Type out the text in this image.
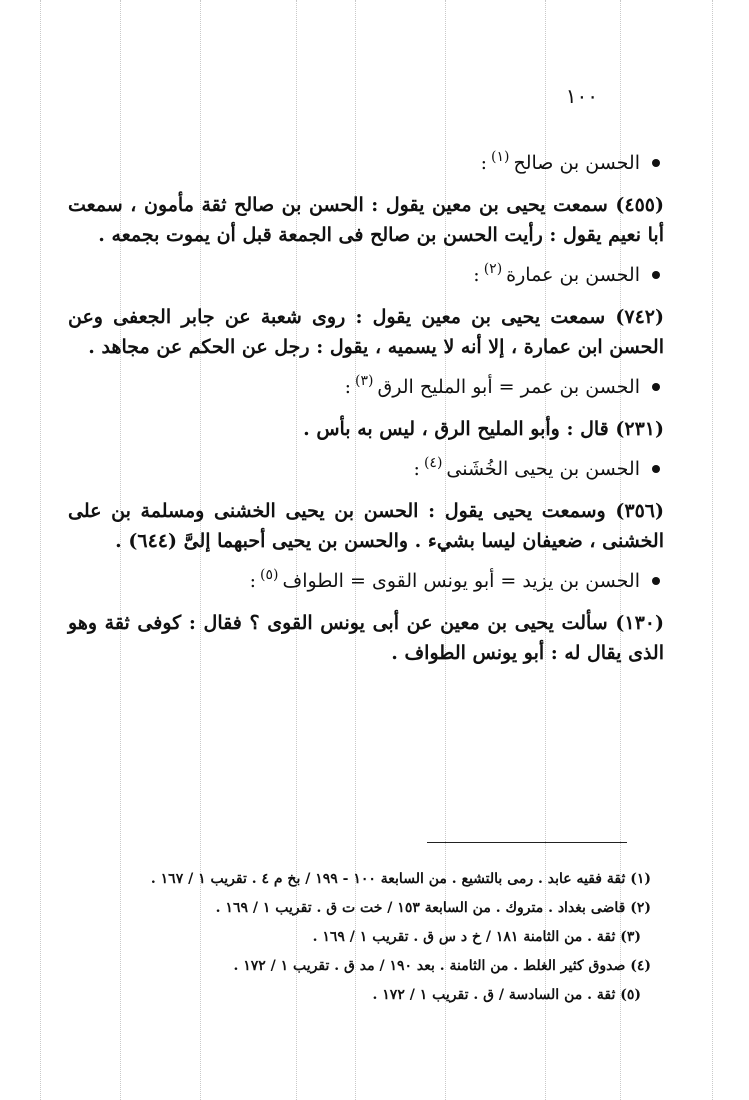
١٠٠
الحسن بن صالح
(١)
:

(٤٥٥) سمعت يحيى بن معين يقول : الحسن بن صالح ثقة مأمون ، سمعت أبا نعيم يقول : رأيت الحسن بن صالح فى الجمعة قبل أن يموت بجمعه .

الحسن بن عمارة
(٢)
:

(٧٤٢) سمعت يحيى بن معين يقول : روى شعبة عن جابر الجعفى وعن الحسن ابن عمارة ، إلا أنه لا يسميه ، يقول : رجل عن الحكم عن مجاهد .

الحسن بن عمر = أبو المليح الرق
(٣)
:

(٢٣١) قال : وأبو المليح الرق ، ليس به بأس .

الحسن بن يحيى الخُشَنى
(٤)
:

(٣٥٦) وسمعت يحيى يقول : الحسن بن يحيى الخشنى ومسلمة بن على الخشنى ، ضعيفان ليسا بشيء . والحسن بن يحيى أحبهما إلىَّ (٦٤٤) .

الحسن بن يزيد = أبو يونس القوى = الطواف
(٥)
:

(١٣٠) سألت يحيى بن معين عن أبى يونس القوى ؟ فقال : كوفى ثقة وهو الذى يقال له : أبو يونس الطواف .

(١) ثقة فقيه عابد . رمى بالتشيع . من السابعة ١٠٠ - ١٩٩ / بخ م ٤ . تقريب ١ / ١٦٧ .
(٢) قاضى بغداد . متروك . من السابعة ١٥٣ / خت ت ق . تقريب ١ / ١٦٩ .
(٣) ثقة . من الثامنة ١٨١ / خ د س ق . تقريب ١ / ١٦٩ .
(٤) صدوق كثير الغلط . من الثامنة . بعد ١٩٠ / مد ق . تقريب ١ / ١٧٢ .
(٥) ثقة . من السادسة / ق . تقريب ١ / ١٧٢ .
